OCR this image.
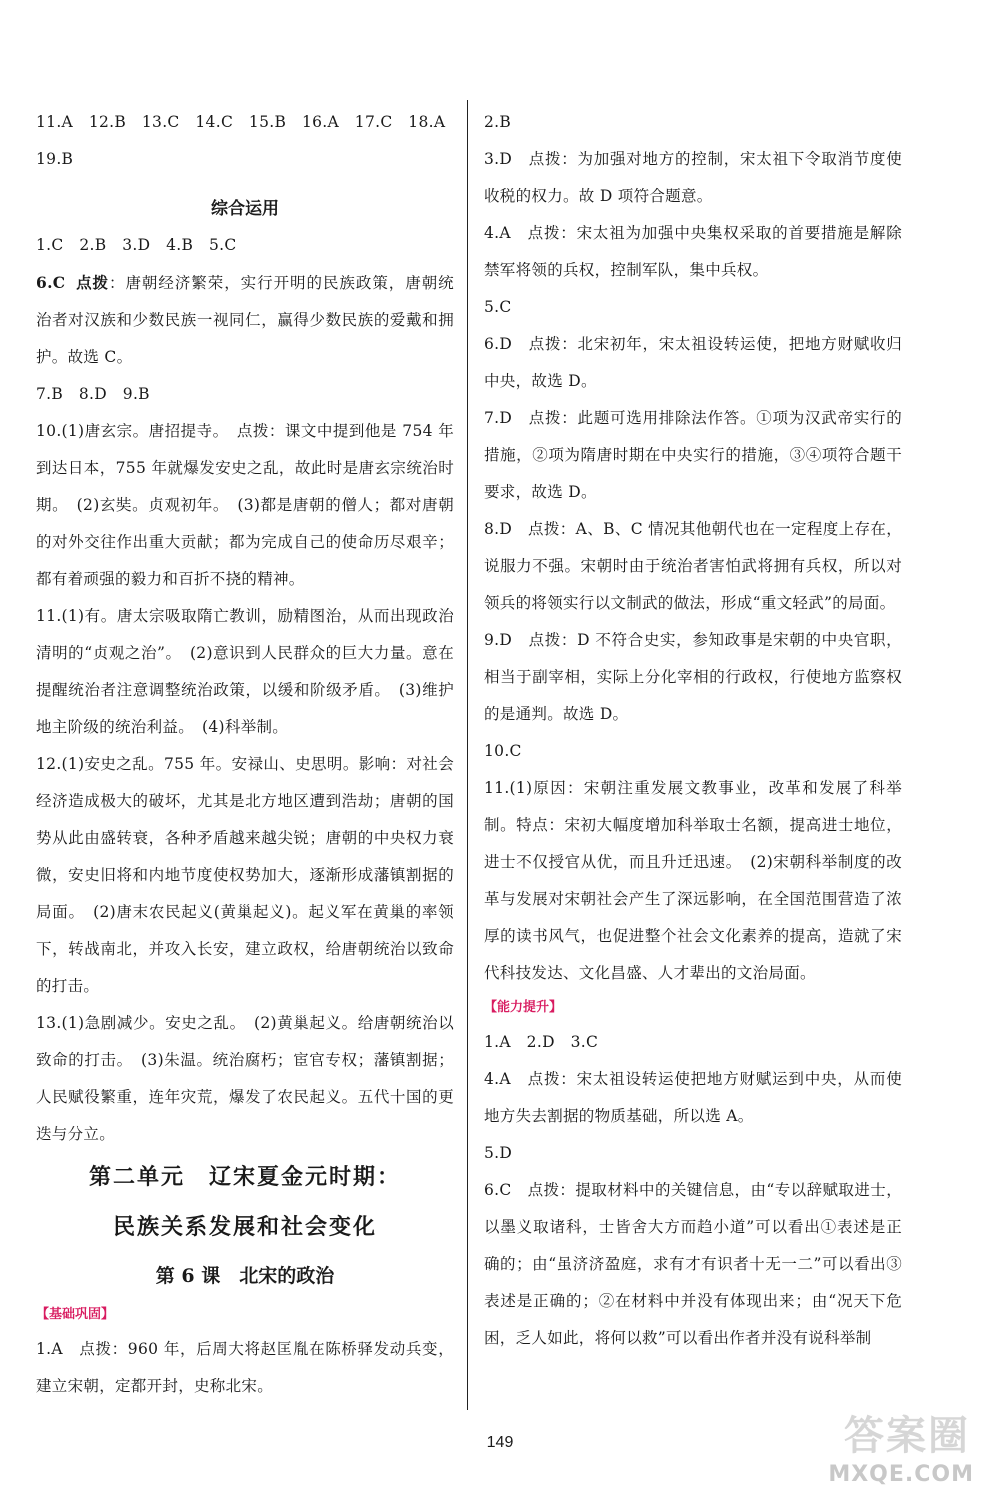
11.A　12.B　13.C　14.C　15.B　16.A　17.C　18.A

19.B

综合运用

1.C　2.B　3.D　4.B　5.C

6.C 点拨：唐朝经济繁荣，实行开明的民族政策，唐朝统治者对汉族和少数民族一视同仁，赢得少数民族的爱戴和拥护。故选 C。

7.B　8.D　9.B

10.(1)唐玄宗。唐招提寺。　点拨：课文中提到他是 754 年到达日本，755 年就爆发安史之乱，故此时是唐玄宗统治时期。　(2)玄奘。贞观初年。　(3)都是唐朝的僧人；都对唐朝的对外交往作出重大贡献；都为完成自己的使命历尽艰辛；都有着顽强的毅力和百折不挠的精神。

11.(1)有。唐太宗吸取隋亡教训，励精图治，从而出现政治清明的“贞观之治”。　(2)意识到人民群众的巨大力量。意在提醒统治者注意调整统治政策，以缓和阶级矛盾。　(3)维护地主阶级的统治利益。　(4)科举制。

12.(1)安史之乱。755 年。安禄山、史思明。影响：对社会经济造成极大的破坏，尤其是北方地区遭到浩劫；唐朝的国势从此由盛转衰，各种矛盾越来越尖锐；唐朝的中央权力衰微，安史旧将和内地节度使权势加大，逐渐形成藩镇割据的局面。　(2)唐末农民起义(黄巢起义)。起义军在黄巢的率领下，转战南北，并攻入长安，建立政权，给唐朝统治以致命的打击。

13.(1)急剧减少。安史之乱。　(2)黄巢起义。给唐朝统治以致命的打击。　(3)朱温。统治腐朽；宦官专权；藩镇割据；人民赋役繁重，连年灾荒，爆发了农民起义。五代十国的更迭与分立。

第二单元　辽宋夏金元时期：
民族关系发展和社会变化
第 6 课　北宋的政治

【基础巩固】

1.A　点拨：960 年，后周大将赵匡胤在陈桥驿发动兵变，建立宋朝，定都开封，史称北宋。

2.B

3.D　点拨：为加强对地方的控制，宋太祖下令取消节度使收税的权力。故 D 项符合题意。

4.A　点拨：宋太祖为加强中央集权采取的首要措施是解除禁军将领的兵权，控制军队，集中兵权。

5.C

6.D　点拨：北宋初年，宋太祖设转运使，把地方财赋收归中央，故选 D。

7.D　点拨：此题可选用排除法作答。①项为汉武帝实行的措施，②项为隋唐时期在中央实行的措施，③④项符合题干要求，故选 D。

8.D　点拨：A、B、C 情况其他朝代也在一定程度上存在，说服力不强。宋朝时由于统治者害怕武将拥有兵权，所以对领兵的将领实行以文制武的做法，形成“重文轻武”的局面。

9.D　点拨：D 不符合史实，参知政事是宋朝的中央官职，相当于副宰相，实际上分化宰相的行政权，行使地方监察权的是通判。故选 D。

10.C

11.(1)原因：宋朝注重发展文教事业，改革和发展了科举制。特点：宋初大幅度增加科举取士名额，提高进士地位，进士不仅授官从优，而且升迁迅速。　(2)宋朝科举制度的改革与发展对宋朝社会产生了深远影响，在全国范围营造了浓厚的读书风气，也促进整个社会文化素养的提高，造就了宋代科技发达、文化昌盛、人才辈出的文治局面。

【能力提升】

1.A　2.D　3.C

4.A　点拨：宋太祖设转运使把地方财赋运到中央，从而使地方失去割据的物质基础，所以选 A。

5.D

6.C　点拨：提取材料中的关键信息，由“专以辞赋取进士，以墨义取诸科，士皆舍大方而趋小道”可以看出①表述是正确的；由“虽济济盈庭，求有才有识者十无一二”可以看出③表述是正确的；②在材料中并没有体现出来；由“况天下危困，乏人如此，将何以救”可以看出作者并没有说科举制

149	答案圈
MXQE.COM
